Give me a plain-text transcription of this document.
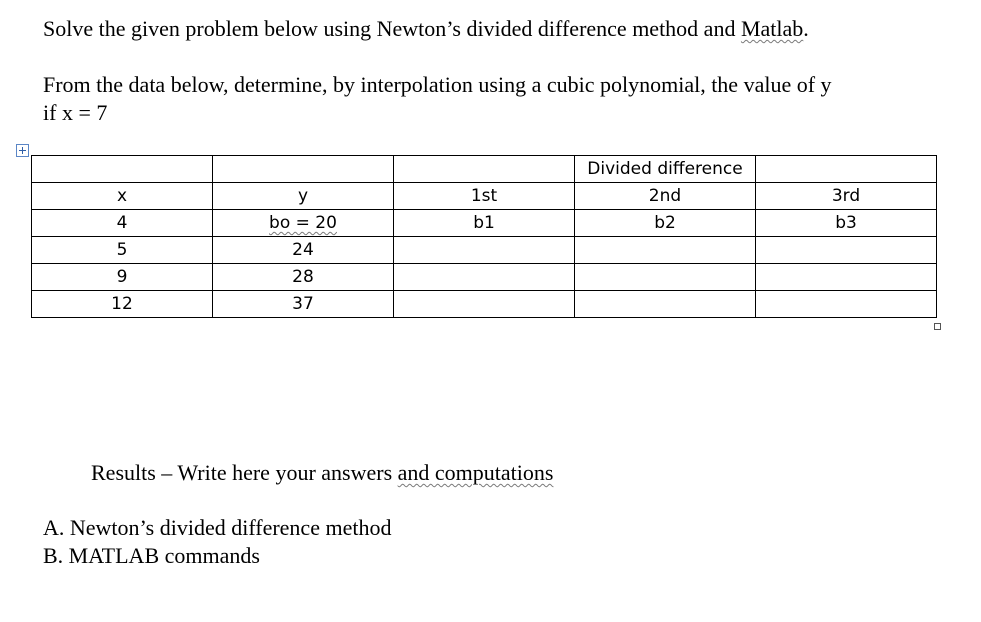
Solve the given problem below using Newton’s divided difference method and Matlab.
From the data below, determine, by interpolation using a cubic polynomial, the value of y
if x = 7
			Divided difference	
x	y	1st	2nd	3rd
4	bo = 20	b1	b2	b3
5	24			
9	28			
12	37			
Results – Write here your answers and computations
A. Newton’s divided difference method
B. MATLAB commands
